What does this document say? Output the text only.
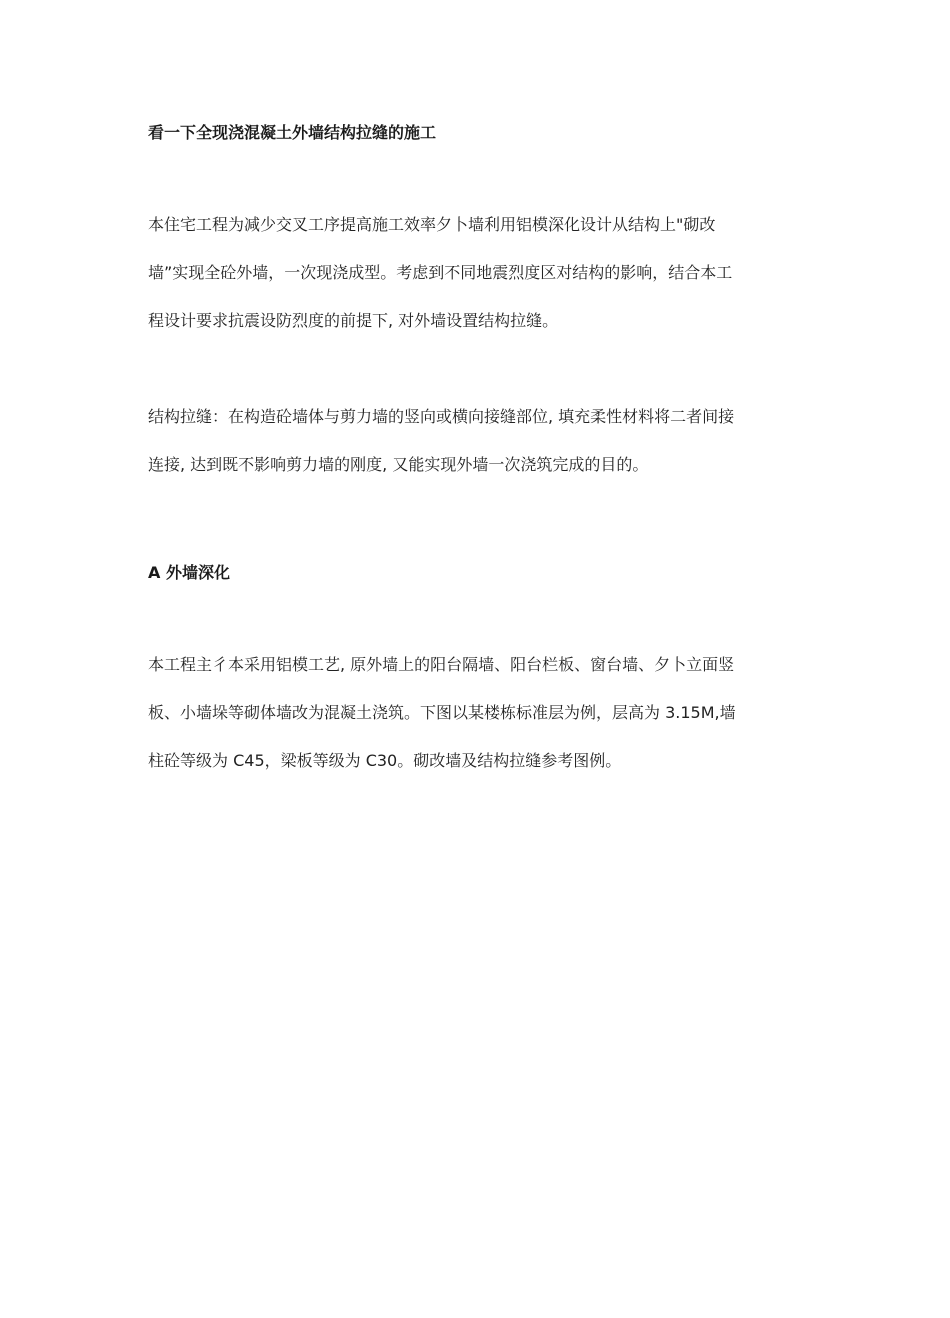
看一下全现浇混凝土外墙结构拉缝的施工

本住宅工程为减少交叉工序提高施工效率夕卜墙利用铝模深化设计从结构上"砌改
墙”实现全砼外墙，一次现浇成型。考虑到不同地震烈度区对结构的影响，结合本工
程设计要求抗震设防烈度的前提下, 对外墙设置结构拉缝。

结构拉缝：在构造砼墙体与剪力墙的竖向或横向接缝部位, 填充柔性材料将二者间接
连接, 达到既不影响剪力墙的刚度, 又能实现外墙一次浇筑完成的目的。

A 外墙深化

本工程主彳本采用铝模工艺, 原外墙上的阳台隔墙、阳台栏板、窗台墙、夕卜立面竖
板、小墙垛等砌体墙改为混凝土浇筑。下图以某楼栋标准层为例，层高为 3.15M,墙
柱砼等级为 C45，梁板等级为 C30。砌改墙及结构拉缝参考图例。
